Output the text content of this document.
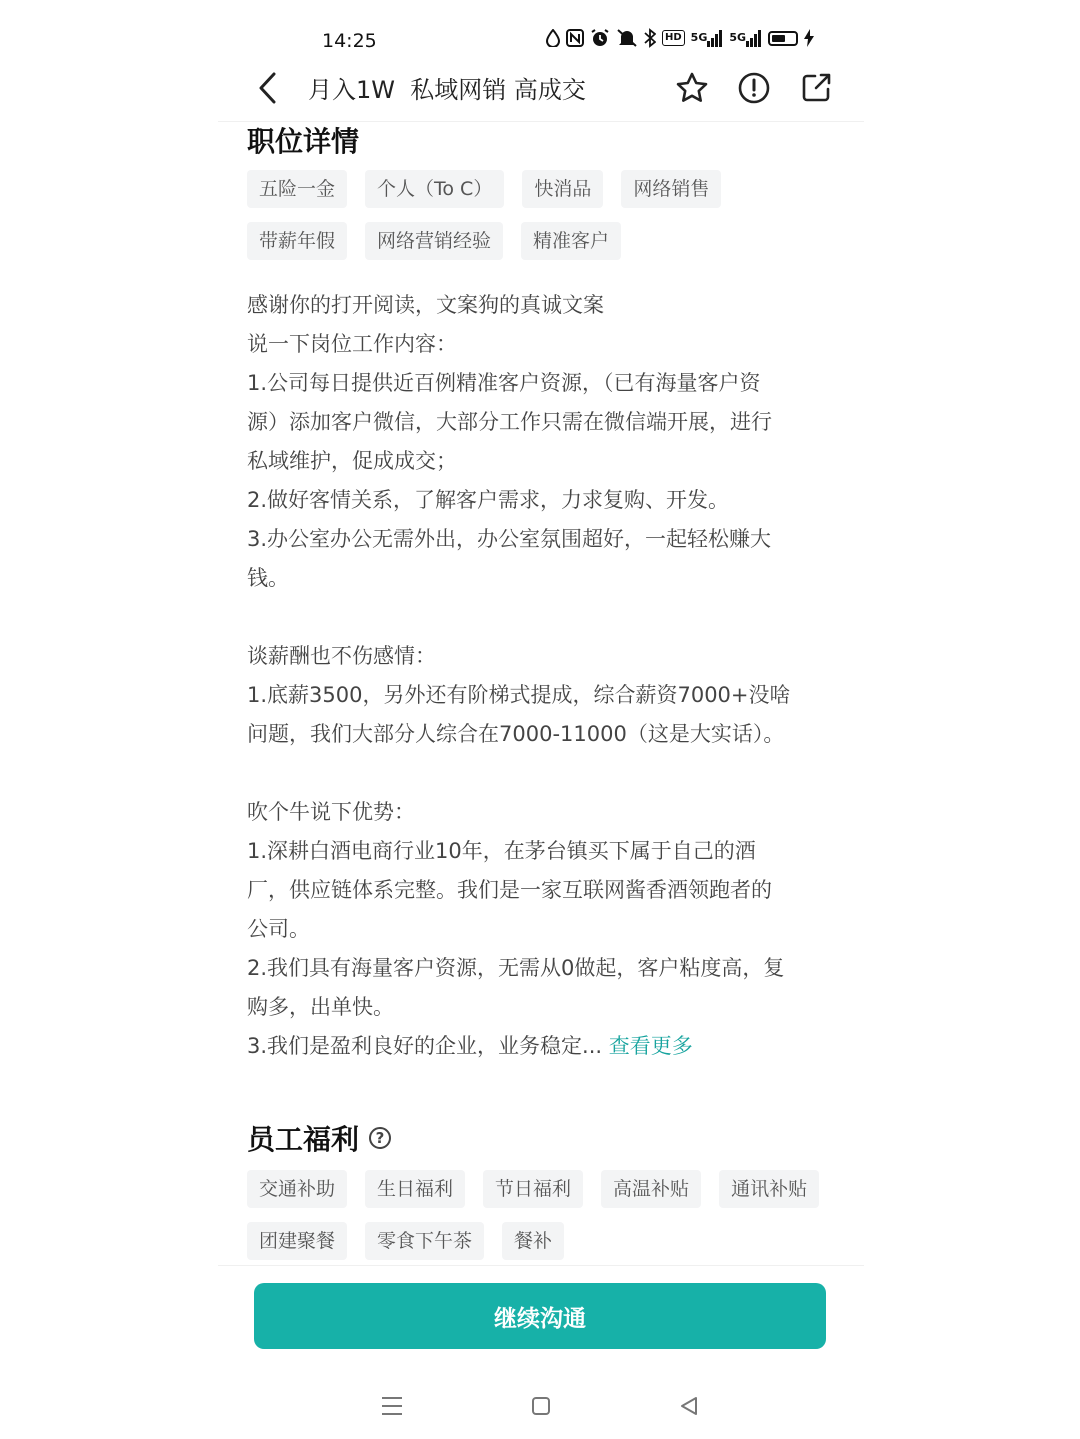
14:25	HD 5G 5G
月入1W  私域网销 高成交
职位详情
五险一金	个人（To C）	快消品	网络销售
带薪年假	网络营销经验	精准客户

感谢你的打开阅读，文案狗的真诚文案

说一下岗位工作内容：

1.公司每日提供近百例精准客户资源，（已有海量客户资

源）添加客户微信，大部分工作只需在微信端开展，进行

私域维护，促成成交；

2.做好客情关系，了解客户需求，力求复购、开发。

3.办公室办公无需外出，办公室氛围超好，一起轻松赚大

钱。

谈薪酬也不伤感情：

1.底薪3500，另外还有阶梯式提成，综合薪资7000+没啥

问题，我们大部分人综合在7000-11000（这是大实话）。

吹个牛说下优势：

1.深耕白酒电商行业10年，在茅台镇买下属于自己的酒

厂，供应链体系完整。我们是一家互联网酱香酒领跑者的

公司。

2.我们具有海量客户资源，无需从0做起，客户粘度高，复

购多，出单快。

3.我们是盈利良好的企业，业务稳定... 查看更多

员工福利	?
交通补助	生日福利	节日福利	高温补贴	通讯补贴
团建聚餐	零食下午茶	餐补
继续沟通
